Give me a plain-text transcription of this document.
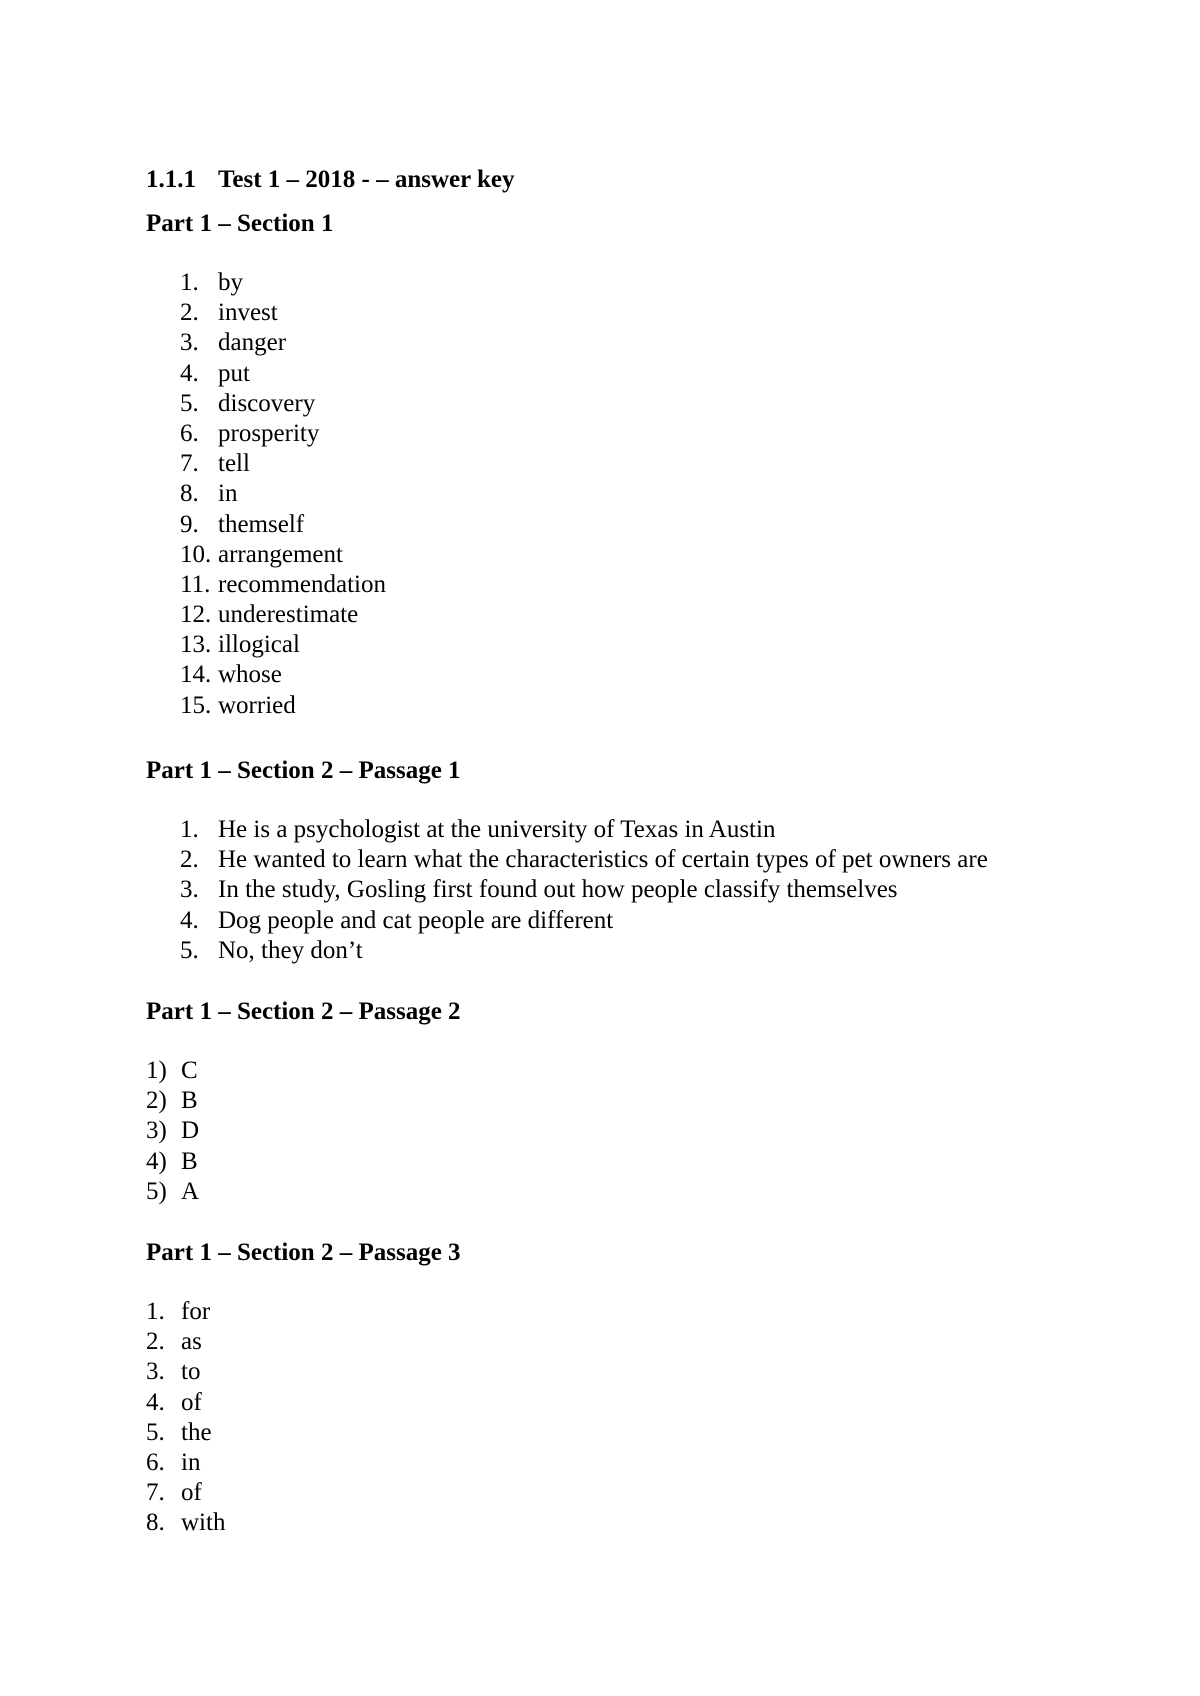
1.1.1 Test 1 – 2018 - – answer key
Part 1 – Section 1
1. by
2. invest
3. danger
4. put
5. discovery
6. prosperity
7. tell
8. in
9. themself
10. arrangement
11. recommendation
12. underestimate
13. illogical
14. whose
15. worried
Part 1 – Section 2 – Passage 1
1. He is a psychologist at the university of Texas in Austin
2. He wanted to learn what the characteristics of certain types of pet owners are
3. In the study, Gosling first found out how people classify themselves
4. Dog people and cat people are different
5. No, they don’t
Part 1 – Section 2 – Passage 2
1) C
2) B
3) D
4) B
5) A
Part 1 – Section 2 – Passage 3
1. for
2. as
3. to
4. of
5. the
6. in
7. of
8. with
